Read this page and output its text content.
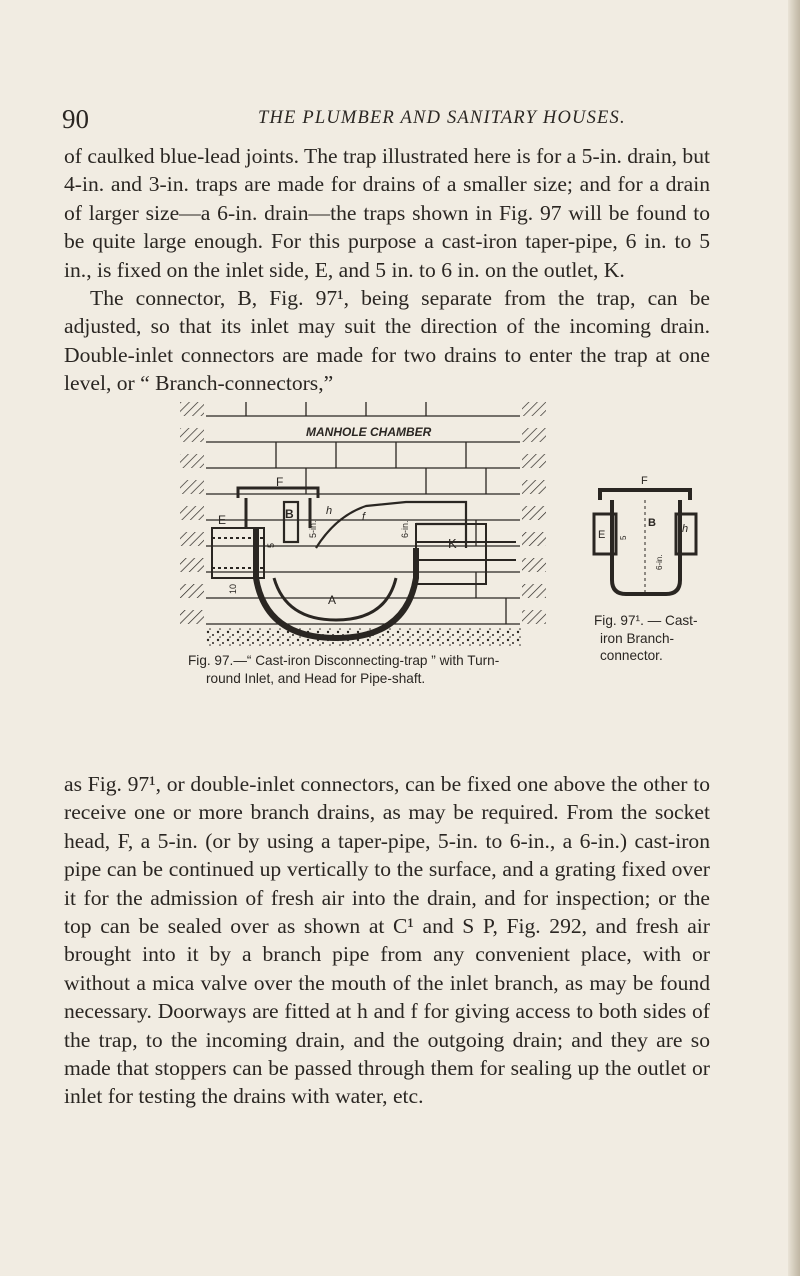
90	THE PLUMBER AND SANITARY HOUSES.

of caulked blue-lead joints. The trap illustrated here is for a 5-in. drain, but 4-in. and 3-in. traps are made for drains of a smaller size; and for a drain of larger size—a 6-in. drain—the traps shown in Fig. 97 will be found to be quite large enough. For this purpose a cast-iron taper-pipe, 6 in. to 5 in., is fixed on the inlet side, E, and 5 in. to 6 in. on the outlet, K.

The connector, B, Fig. 97¹, being separate from the trap, can be adjusted, so that its inlet may suit the direction of the incoming drain. Double-inlet connectors are made for two drains to enter the trap at one level, or “ Branch-connectors,”

MANHOLE CHAMBER
F
E	B
K
A
h	f
5
5-in.	6-in.
10
F
E
B h
5
6-in.
Fig. 97¹. — Cast-
iron Branch-
connector.
Fig. 97.—“ Cast-iron Disconnecting-trap ” with Turn-
round Inlet, and Head for Pipe-shaft.

as Fig. 97¹, or double-inlet connectors, can be fixed one above the other to receive one or more branch drains, as may be required. From the socket head, F, a 5-in. (or by using a taper-pipe, 5-in. to 6-in., a 6-in.) cast-iron pipe can be continued up vertically to the surface, and a grating fixed over it for the admission of fresh air into the drain, and for inspection; or the top can be sealed over as shown at C¹ and S P, Fig. 292, and fresh air brought into it by a branch pipe from any convenient place, with or without a mica valve over the mouth of the inlet branch, as may be found necessary. Doorways are fitted at h and f for giving access to both sides of the trap, to the incoming drain, and the outgoing drain; and they are so made that stoppers can be passed through them for sealing up the outlet or inlet for testing the drains with water, etc.
